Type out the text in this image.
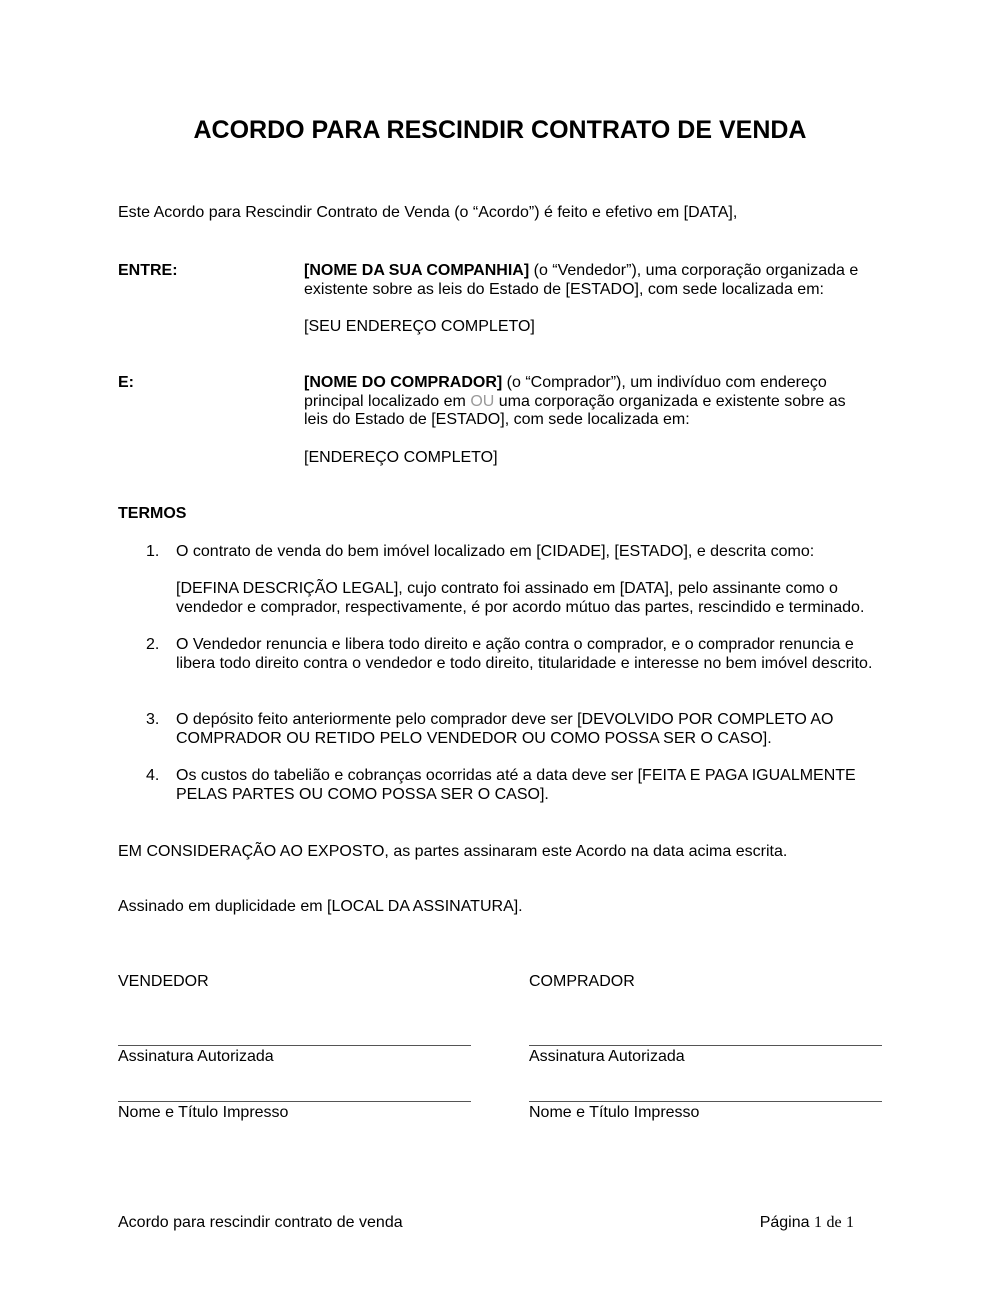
ACORDO PARA RESCINDIR CONTRATO DE VENDA
Este Acordo para Rescindir Contrato de Venda (o “Acordo”) é feito e efetivo em [DATA],
ENTRE:	[NOME DA SUA COMPANHIA] (o “Vendedor”), uma corporação organizada e existente sobre as leis do Estado de [ESTADO], com sede localizada em:
[SEU ENDEREÇO COMPLETO]
E:	[NOME DO COMPRADOR] (o “Comprador”), um indivíduo com endereço principal localizado em OU uma corporação organizada e existente sobre as leis do Estado de [ESTADO], com sede localizada em:
[ENDEREÇO COMPLETO]
TERMOS
1. O contrato de venda do bem imóvel localizado em [CIDADE], [ESTADO], e descrita como:
[DEFINA DESCRIÇÃO LEGAL], cujo contrato foi assinado em [DATA], pelo assinante como o vendedor e comprador, respectivamente, é por acordo mútuo das partes, rescindido e terminado.
2. O Vendedor renuncia e libera todo direito e ação contra o comprador, e o comprador renuncia e libera todo direito contra o vendedor e todo direito, titularidade e interesse no bem imóvel descrito.
3. O depósito feito anteriormente pelo comprador deve ser [DEVOLVIDO POR COMPLETO AO COMPRADOR OU RETIDO PELO VENDEDOR OU COMO POSSA SER O CASO].
4. Os custos do tabelião e cobranças ocorridas até a data deve ser [FEITA E PAGA IGUALMENTE PELAS PARTES OU COMO POSSA SER O CASO].
EM CONSIDERAÇÃO AO EXPOSTO, as partes assinaram este Acordo na data acima escrita.
Assinado em duplicidade em [LOCAL DA ASSINATURA].
VENDEDOR	COMPRADOR
Assinatura Autorizada	Assinatura Autorizada
Nome e Título Impresso	Nome e Título Impresso
Acordo para rescindir contrato de venda	Página 1 de 1
